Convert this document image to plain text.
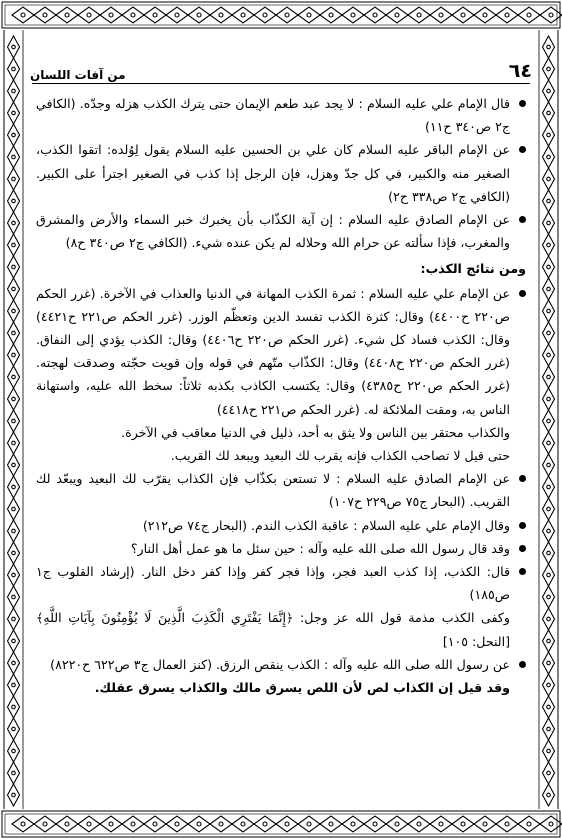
٦٤
من آفات اللسان

قال الإمام علي عليه السلام : لا يجد عبد طعم الإيمان حتى يترك الكذب هزله وجدّه. (الكافي ج٢ ص٣٤٠ ح١١)

عن الإمام الباقر عليه السلام كان علي بن الحسين عليه السلام يقول لِوُلده: اتقوا الكذب، الصغير منه والكبير، في كل جدّ وهزل، فإن الرجل إذا كذب في الصغير اجترأ على الكبير. (الكافي ج٢ ص٣٣٨ ح٢)

عن الإمام الصادق عليه السلام : إن آية الكذّاب بأن يخبرك خبر السماء والأرض والمشرق والمغرب، فإذا سألته عن حرام الله وحلاله لم يكن عنده شيء. (الكافي ج٢ ص٣٤٠ ح٨)

ومن نتائج الكذب:

عن الإمام علي عليه السلام : ثمرة الكذب المهانة في الدنيا والعذاب في الآخرة. (غرر الحكم ص٢٢٠ ح٤٤٠٠) وقال: كثرة الكذب تفسد الدين وتعظّم الوزر. (غرر الحكم ص٢٢١ ح٤٤٢١) وقال: الكذب فساد كل شيء. (غرر الحكم ص٢٢٠ ح٤٤٠٦) وقال: الكذب يؤدي إلى النفاق. (غرر الحكم ص٢٢٠ ح٤٤٠٨) وقال: الكذّاب متّهم في قوله وإن قويت حجّته وصدقت لهجته. (غرر الحكم ص٢٢٠ ح٤٣٨٥) وقال: يكتسب الكاذب بكذبه ثلاثاً: سخط الله عليه، واستهانة الناس به، ومقت الملائكة له. (غرر الحكم ص٢٢١ ح٤٤١٨)

والكذاب محتقر بين الناس ولا يثق به أحد، ذليل في الدنيا معاقب في الآخرة.

حتى قيل لا تصاحب الكذاب فإنه يقرب لك البعيد ويبعد لك القريب.

عن الإمام الصادق عليه السلام : لا تستعن بكذّاب فإن الكذاب يقرّب لك البعيد ويبعّد لك القريب. (البحار ج٧٥ ص٢٢٩ ح١٠٧)

وقال الإمام علي عليه السلام : عاقبة الكذب الندم. (البحار ج٧٤ ص٢١٢)

وقد قال رسول الله صلى الله عليه وآله : حين سئل ما هو عمل أهل النار؟

قال: الكذب، إذا كذب العبد فجر، وإذا فجر كفر وإذا كفر دخل النار. (إرشاد القلوب ج١ ص١٨٥)

وكفى الكذب مذمة قول الله عز وجل: ﴿إِنَّمَا يَفْتَرِي الْكَذِبَ الَّذِينَ لَا يُؤْمِنُونَ بِآيَاتِ اللَّهِ﴾ [النحل: ١٠٥]

عن رسول الله صلى الله عليه وآله : الكذب ينقص الرزق. (كنز العمال ج٣ ص٦٢٢ ح٨٢٢٠)

وقد قيل إن الكذاب لص لأن اللص يسرق مالك والكذاب يسرق عقلك.
